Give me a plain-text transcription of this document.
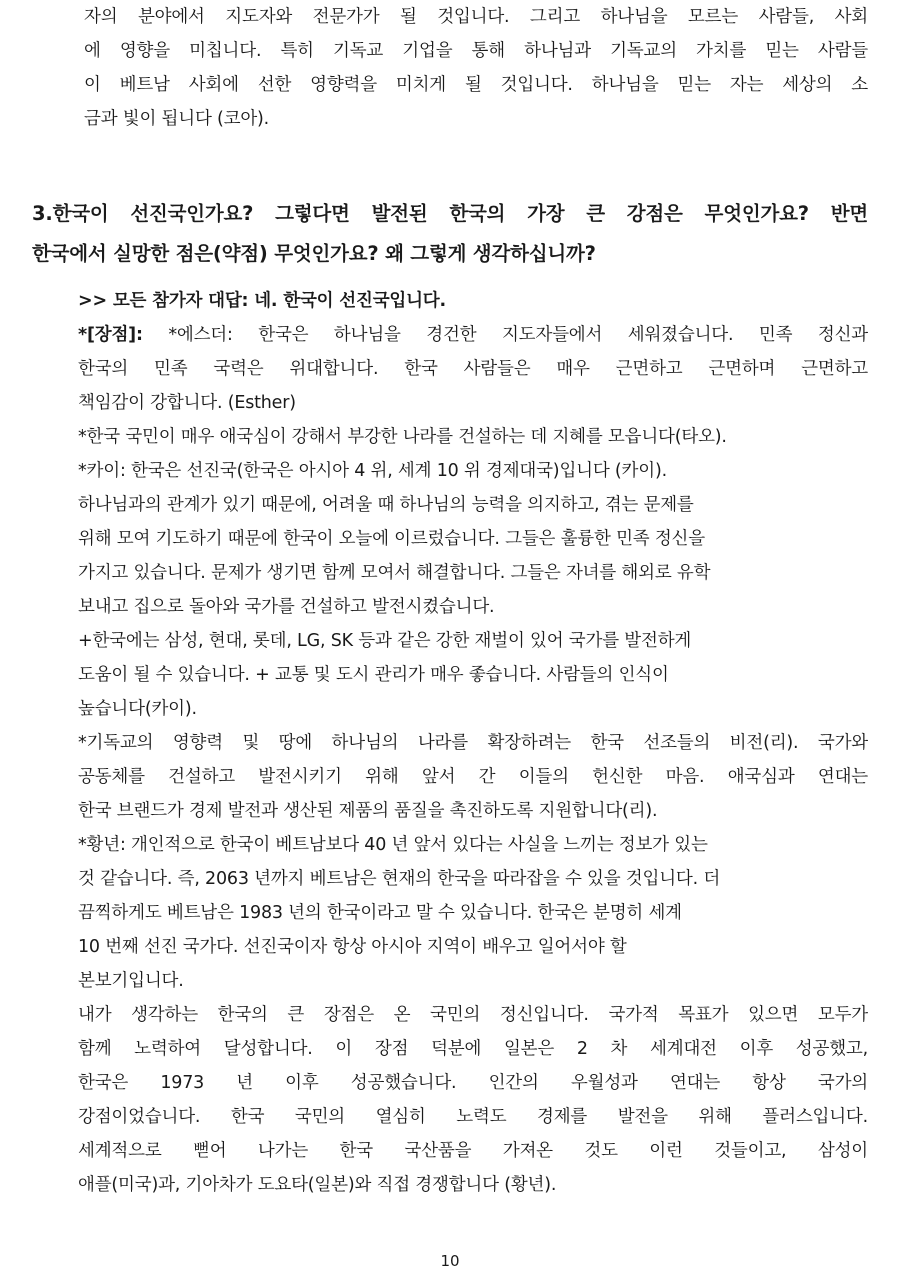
자의 분야에서 지도자와 전문가가 될 것입니다. 그리고 하나님을 모르는 사람들, 사회
에 영향을 미칩니다. 특히 기독교 기업을 통해 하나님과 기독교의 가치를 믿는 사람들
이 베트남 사회에 선한 영향력을 미치게 될 것입니다. 하나님을 믿는 자는 세상의 소
금과 빛이 됩니다 (코아).
3.한국이 선진국인가요? 그렇다면 발전된 한국의 가장 큰 강점은 무엇인가요? 반면
한국에서 실망한 점은(약점) 무엇인가요? 왜 그렇게 생각하십니까?
>> 모든 참가자 대답: 네. 한국이 선진국입니다.
*[장점]: *에스더: 한국은 하나님을 경건한 지도자들에서 세워졌습니다. 민족 정신과
한국의 민족 국력은 위대합니다. 한국 사람들은 매우 근면하고 근면하며 근면하고
책임감이 강합니다. (Esther)
*한국 국민이 매우 애국심이 강해서 부강한 나라를 건설하는 데 지혜를 모읍니다(타오).
*카이: 한국은 선진국(한국은 아시아 4 위, 세계 10 위 경제대국)입니다 (카이).
하나님과의 관계가 있기 때문에, 어려울 때 하나님의 능력을 의지하고, 겪는 문제를
위해 모여 기도하기 때문에 한국이 오늘에 이르렀습니다. 그들은 훌륭한 민족 정신을
가지고 있습니다. 문제가 생기면 함께 모여서 해결합니다. 그들은 자녀를 해외로 유학
보내고 집으로 돌아와 국가를 건설하고 발전시켰습니다.
+한국에는 삼성, 현대, 롯데, LG, SK 등과 같은 강한 재벌이 있어 국가를 발전하게
도움이 될 수 있습니다. + 교통 및 도시 관리가 매우 좋습니다. 사람들의 인식이
높습니다(카이).
*기독교의 영향력 및 땅에 하나님의 나라를 확장하려는 한국 선조들의 비전(리). 국가와
공동체를 건설하고 발전시키기 위해 앞서 간 이들의 헌신한 마음. 애국심과 연대는
한국 브랜드가 경제 발전과 생산된 제품의 품질을 촉진하도록 지원합니다(리).
*황년: 개인적으로 한국이 베트남보다 40 년 앞서 있다는 사실을 느끼는 정보가 있는
것 같습니다. 즉, 2063 년까지 베트남은 현재의 한국을 따라잡을 수 있을 것입니다. 더
끔찍하게도 베트남은 1983 년의 한국이라고 말 수 있습니다. 한국은 분명히 세계
10 번째 선진 국가다. 선진국이자 항상 아시아 지역이 배우고 일어서야 할
본보기입니다.
내가 생각하는 한국의 큰 장점은 온 국민의 정신입니다. 국가적 목표가 있으면 모두가
함께 노력하여 달성합니다. 이 장점 덕분에 일본은 2 차 세계대전 이후 성공했고,
한국은 1973 년 이후 성공했습니다. 인간의 우월성과 연대는 항상 국가의
강점이었습니다. 한국 국민의 열심히 노력도 경제를 발전을 위해 플러스입니다.
세계적으로 뻗어 나가는 한국 국산품을 가져온 것도 이런 것들이고, 삼성이
애플(미국)과, 기아차가 도요타(일본)와 직접 경쟁합니다 (황년).
10
